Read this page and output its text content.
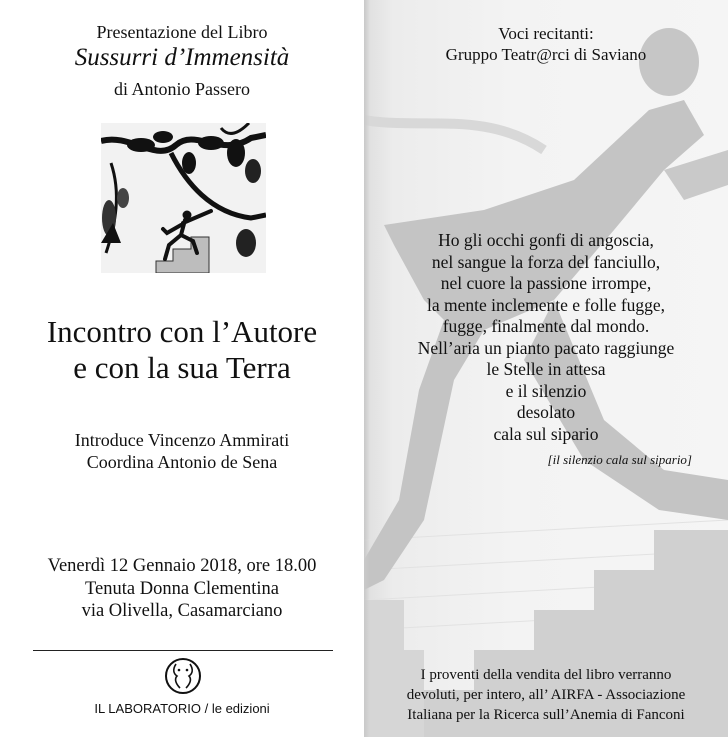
Presentazione del Libro
Sussurri d’Immensità
di Antonio Passero
Incontro con l’Autore
e con la sua Terra
Introduce Vincenzo Ammirati
Coordina Antonio de Sena
Venerdì 12 Gennaio 2018, ore 18.00
Tenuta Donna Clementina
via Olivella, Casamarciano
IL LABORATORIO / le edizioni
Voci recitanti:
Gruppo Teatr@rci di Saviano
Ho gli occhi gonfi di angoscia,
nel sangue la forza del fanciullo,
nel cuore la passione irrompe,
la mente inclemente e folle fugge,
fugge, finalmente dal mondo.
Nell’aria un pianto pacato raggiunge
le Stelle in attesa
e il silenzio
desolato
cala sul sipario
[il silenzio cala sul sipario]
I proventi della vendita del libro verranno
devoluti, per intero, all’ AIRFA - Associazione
Italiana per la Ricerca sull’Anemia di Fanconi
